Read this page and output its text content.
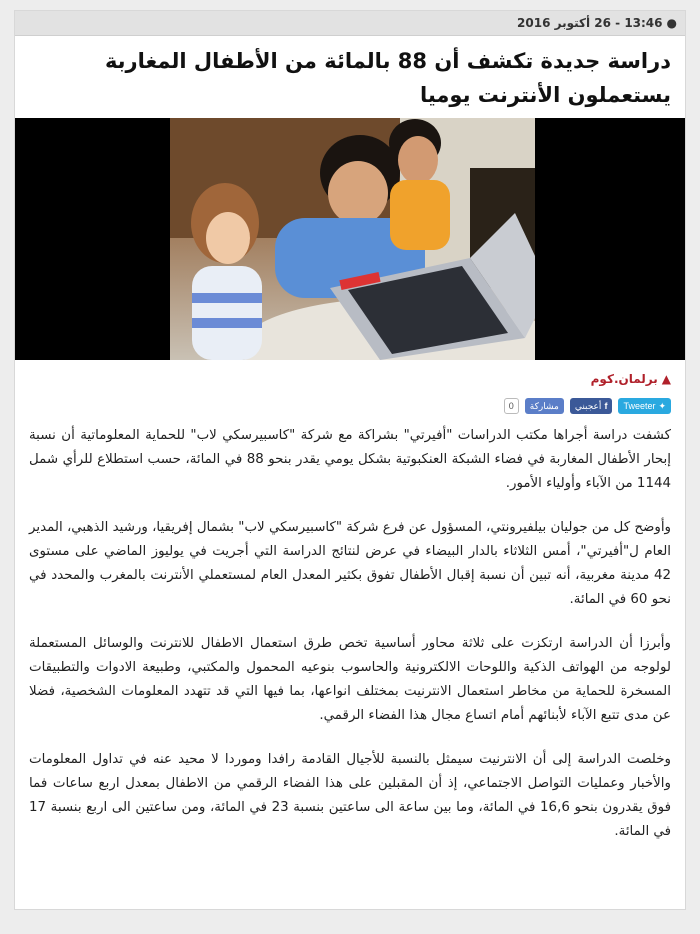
●
13:46 - 26 أكتوبر 2016
دراسة جديدة تكشف أن 88 بالمائة من الأطفال المغاربة يستعملون الأنترنت يوميا
▲
برلمان.كوم
✦
Tweeter
f
أعجبني
مشاركة
0

كشفت دراسة أجراها مكتب الدراسات "أفيرتي" بشراكة مع شركة "كاسبيرسكي لاب" للحماية المعلوماتية أن نسبة إبحار الأطفال المغاربة في فضاء الشبكة العنكبوتية بشكل يومي يقدر بنحو 88 في المائة، حسب استطلاع للرأي شمل 1144 من الآباء وأولياء الأمور.

وأوضح كل من جوليان بيلفيرونتي، المسؤول عن فرع شركة "كاسبيرسكي لاب" بشمال إفريقيا، ورشيد الذهبي، المدير العام ل"أفيرتي"، أمس الثلاثاء بالدار البيضاء في عرض لنتائج الدراسة التي أجريت في يوليوز الماضي على مستوى 42 مدينة مغربية، أنه تبين أن نسبة إقبال الأطفال تفوق بكثير المعدل العام لمستعملي الأنترنت بالمغرب والمحدد في نحو 60 في المائة.

وأبرزا أن الدراسة ارتكزت على ثلاثة محاور أساسية تخص طرق استعمال الاطفال للانترنت والوسائل المستعملة لولوجه من الهواتف الذكية واللوحات الالكترونية والحاسوب بنوعيه المحمول والمكتبي، وطبيعة الادوات والتطبيقات المسخرة للحماية من مخاطر استعمال الانترنيت بمختلف انواعها، بما فيها التي قد تتهدد المعلومات الشخصية، فضلا عن مدى تتبع الآباء لأبنائهم أمام اتساع مجال هذا الفضاء الرقمي.

وخلصت الدراسة إلى أن الانترنيت سيمثل بالنسبة للأجيال القادمة رافدا وموردا لا محيد عنه في تداول المعلومات والأخبار وعمليات التواصل الاجتماعي، إذ أن المقبلين على هذا الفضاء الرقمي من الاطفال بمعدل اربع ساعات فما فوق يقدرون بنحو 16,6 في المائة، وما بين ساعة الى ساعتين بنسبة 23 في المائة، ومن ساعتين الى اربع بنسبة 17 في المائة.
